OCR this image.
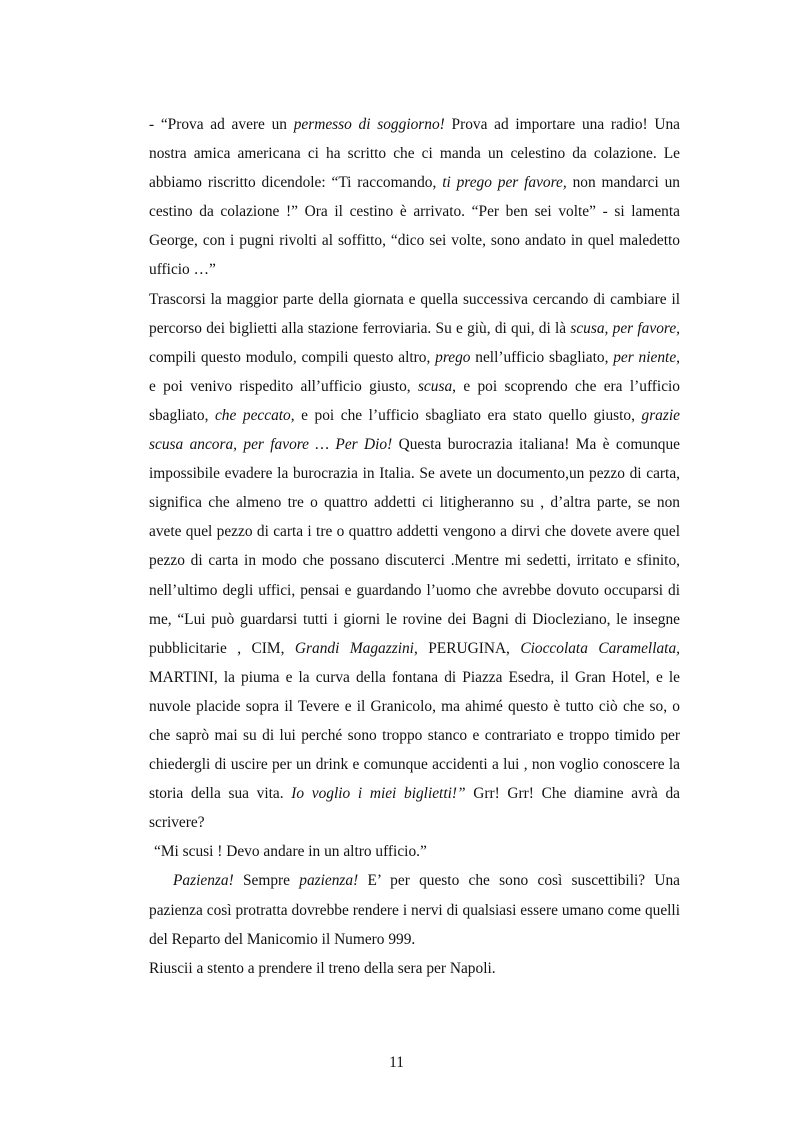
- “Prova ad avere un permesso di soggiorno! Prova ad importare una radio! Una nostra amica americana ci ha scritto che ci manda un celestino da colazione. Le abbiamo riscritto dicendole: “Ti raccomando, ti prego per favore, non mandarci un cestino da colazione !” Ora il cestino è arrivato. “Per ben sei volte” - si lamenta George, con i pugni rivolti al soffitto, “dico sei volte, sono andato in quel maledetto ufficio …”

Trascorsi la maggior parte della giornata e quella successiva cercando di cambiare il percorso dei biglietti alla stazione ferroviaria. Su e giù, di qui, di là scusa, per favore, compili questo modulo, compili questo altro, prego nell’ufficio sbagliato, per niente, e poi venivo rispedito all’ufficio giusto, scusa, e poi scoprendo che era l’ufficio sbagliato, che peccato, e poi che l’ufficio sbagliato era stato quello giusto, grazie scusa ancora, per favore … Per Dio! Questa burocrazia italiana! Ma è comunque impossibile evadere la burocrazia in Italia. Se avete un documento,un pezzo di carta, significa che almeno tre o quattro addetti ci litigheranno su , d’altra parte, se non avete quel pezzo di carta i tre o quattro addetti vengono a dirvi che dovete avere quel pezzo di carta in modo che possano discuterci .Mentre mi sedetti, irritato e sfinito, nell’ultimo degli uffici, pensai e guardando l’uomo che avrebbe dovuto occuparsi di me, “Lui può guardarsi tutti i giorni le rovine dei Bagni di Diocleziano, le insegne pubblicitarie , CIM, Grandi Magazzini, PERUGINA, Cioccolata Caramellata, MARTINI, la piuma e la curva della fontana di Piazza Esedra, il Gran Hotel, e le nuvole placide sopra il Tevere e il Granicolo, ma ahimé questo è tutto ciò che so, o che saprò mai su di lui perché sono troppo stanco e contrariato e troppo timido per chiedergli di uscire per un drink e comunque accidenti a lui , non voglio conoscere la storia della sua vita. Io voglio i miei biglietti!” Grr! Grr! Che diamine avrà da scrivere?

“Mi scusi ! Devo andare in un altro ufficio.”

Pazienza! Sempre pazienza! E’ per questo che sono così suscettibili? Una pazienza così protratta dovrebbe rendere i nervi di qualsiasi essere umano come quelli del Reparto del Manicomio il Numero 999.

Riuscii a stento a prendere il treno della sera per Napoli.

11
